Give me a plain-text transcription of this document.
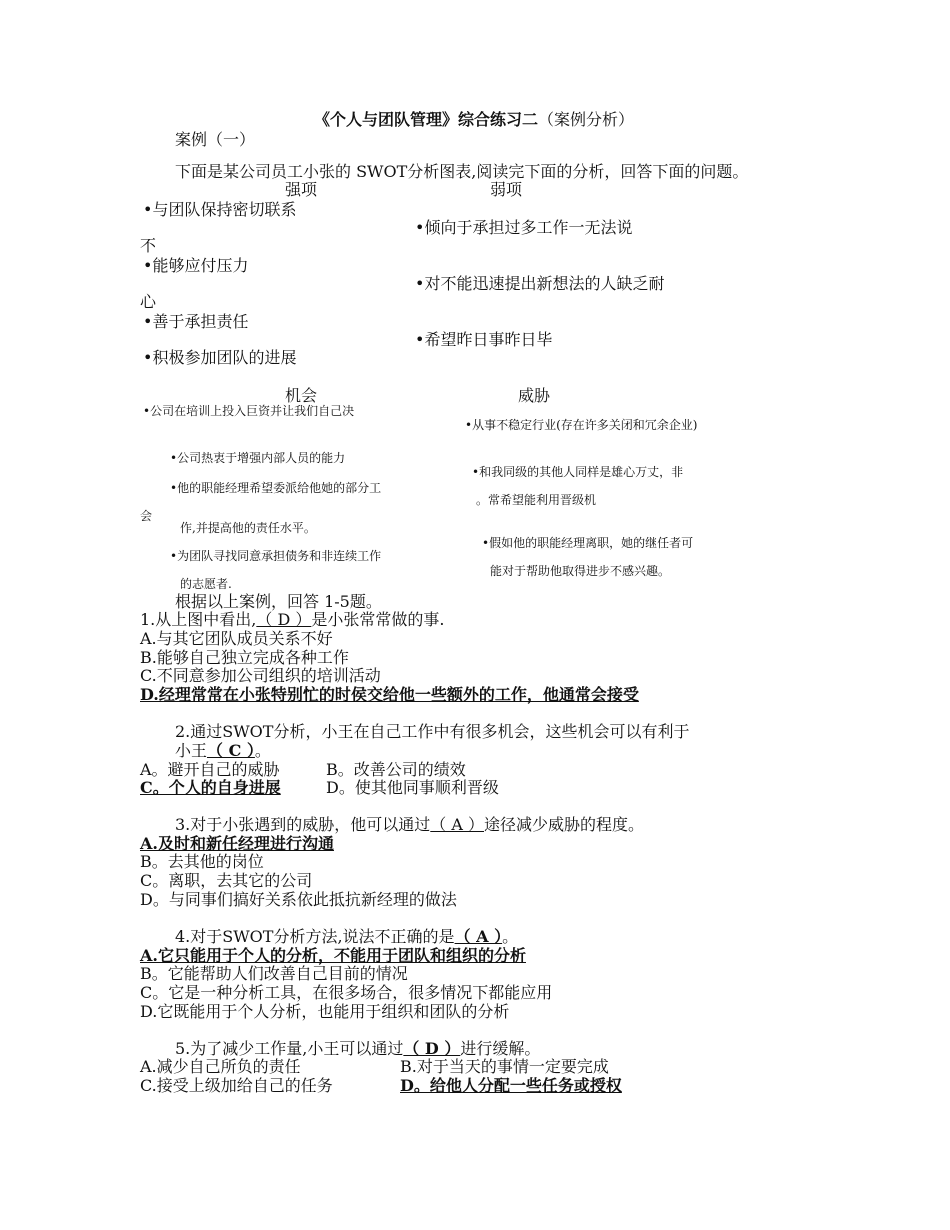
《个人与团队管理》综合练习二（案例分析）
案例（一）
下面是某公司员工小张的 SWOT分析图表,阅读完下面的分析，回答下面的问题。
强项	弱项
•与团队保持密切联系
不
•能够应付压力
心
•善于承担责任
•积极参加团队的进展
•倾向于承担过多工作一无法说
•对不能迅速提出新想法的人缺乏耐
•希望昨日事昨日毕
机会	威胁
•公司在培训上投入巨资并让我们自己决
•公司热衷于增强内部人员的能力
•他的职能经理希望委派给他她的部分工
会
作,并提高他的责任水平。
•为团队寻找同意承担债务和非连续工作
的志愿者.
•从事不稳定行业(存在许多关闭和冗余企业)
•和我同级的其他人同样是雄心万丈，非
。常希望能利用晋级机
•假如他的职能经理离职，她的继任者可
能对于帮助他取得进步不感兴趣。
根据以上案例，回答 1-5题。
1.从上图中看出,（ D ）是小张常常做的事.
A.与其它团队成员关系不好
B.能够自己独立完成各种工作
C.不同意参加公司组织的培训活动
D.经理常常在小张特别忙的时侯交给他一些额外的工作，他通常会接受
2.通过SWOT分析，小王在自己工作中有很多机会，这些机会可以有利于
小王（ C ）。
A。避开自己的威胁	B。改善公司的绩效
C。个人的自身进展	D。使其他同事顺利晋级
3.对于小张遇到的威胁，他可以通过（ A ）途径减少威胁的程度。
A.及时和新任经理进行沟通
B。去其他的岗位
C。离职，去其它的公司
D。与同事们搞好关系依此抵抗新经理的做法
4.对于SWOT分析方法,说法不正确的是（ A ）。
A.它只能用于个人的分析，不能用于团队和组织的分析
B。它能帮助人们改善自己目前的情况
C。它是一种分析工具，在很多场合，很多情况下都能应用
D.它既能用于个人分析，也能用于组织和团队的分析
5.为了减少工作量,小王可以通过（ D ）进行缓解。
A.减少自己所负的责任	B.对于当天的事情一定要完成
C.接受上级加给自己的任务	D。给他人分配一些任务或授权
